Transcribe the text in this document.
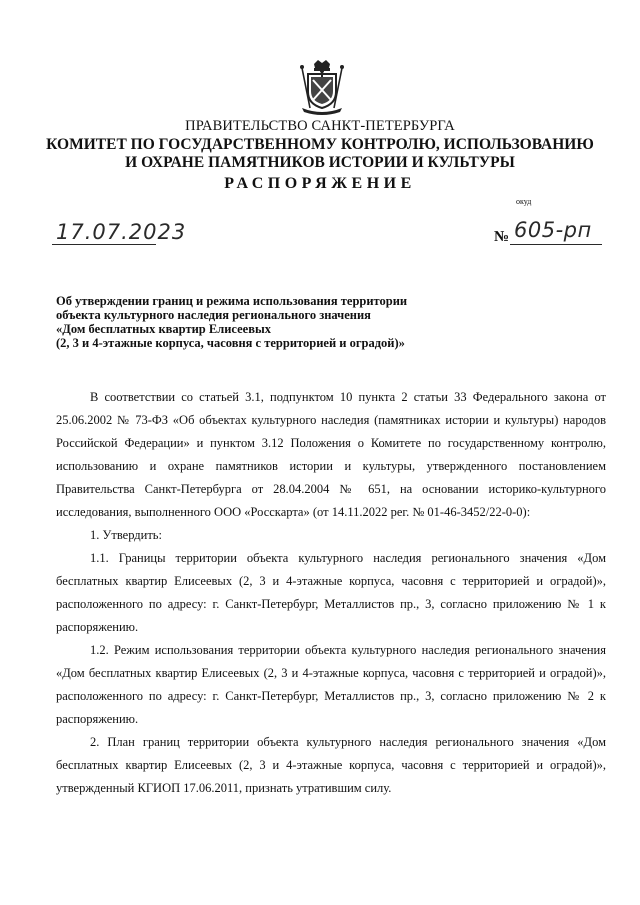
ПРАВИТЕЛЬСТВО САНКТ-ПЕТЕРБУРГА
КОМИТЕТ ПО ГОСУДАРСТВЕННОМУ КОНТРОЛЮ, ИСПОЛЬЗОВАНИЮ
И ОХРАНЕ ПАМЯТНИКОВ ИСТОРИИ И КУЛЬТУРЫ
РАСПОРЯЖЕНИЕ
окуд
17.07.2023	№ 605-рп
Об утверждении границ и режима использования территории
объекта культурного наследия регионального значения
«Дом бесплатных квартир Елисеевых
(2, 3 и 4-этажные корпуса, часовня с территорией и оградой)»

В соответствии со статьей 3.1, подпунктом 10 пункта 2 статьи 33 Федерального закона от 25.06.2002 № 73-ФЗ «Об объектах культурного наследия (памятниках истории и культуры) народов Российской Федерации» и пунктом 3.12 Положения о Комитете по государственному контролю, использованию и охране памятников истории и культуры, утвержденного постановлением Правительства Санкт-Петербурга от 28.04.2004 № 651, на основании историко-культурного исследования, выполненного ООО «Росскарта» (от 14.11.2022 рег. № 01-46-3452/22-0-0):

1. Утвердить:

1.1. Границы территории объекта культурного наследия регионального значения «Дом бесплатных квартир Елисеевых (2, 3 и 4-этажные корпуса, часовня с территорией и оградой)», расположенного по адресу: г. Санкт-Петербург, Металлистов пр., 3, согласно приложению № 1 к распоряжению.

1.2. Режим использования территории объекта культурного наследия регионального значения «Дом бесплатных квартир Елисеевых (2, 3 и 4-этажные корпуса, часовня с территорией и оградой)», расположенного по адресу: г. Санкт-Петербург, Металлистов пр., 3, согласно приложению № 2 к распоряжению.

2. План границ территории объекта культурного наследия регионального значения «Дом бесплатных квартир Елисеевых (2, 3 и 4-этажные корпуса, часовня с территорией и оградой)», утвержденный КГИОП 17.06.2011, признать утратившим силу.
